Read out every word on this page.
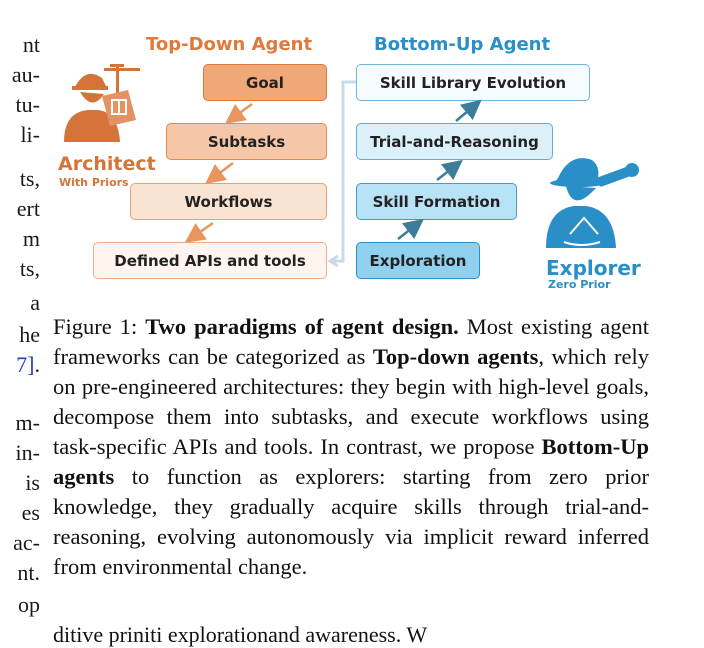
nt
au-
tu-
li-
ts,
ert
m
ts,
a
he
7].
m-
in-
is
es
ac-
nt.
op
Top-Down Agent	Bottom-Up Agent
Goal
Subtasks
Workflows
Defined APIs and tools
Skill Library Evolution
Trial-and-Reasoning
Skill Formation
Exploration
Architect
With Priors
Explorer
Zero Prior
Figure 1: Two paradigms of agent design. Most existing agent frameworks can be categorized as Top-down agents, which rely on pre-engineered architectures: they begin with high-level goals, decompose them into subtasks, and execute workflows using task-specific APIs and tools. In contrast, we propose Bottom-Up agents to function as explorers: starting from zero prior knowledge, they gradually acquire skills through trial-and-reasoning, evolving autonomously via implicit reward inferred from environmental change.
ditive priniti explorationand awareness. W
